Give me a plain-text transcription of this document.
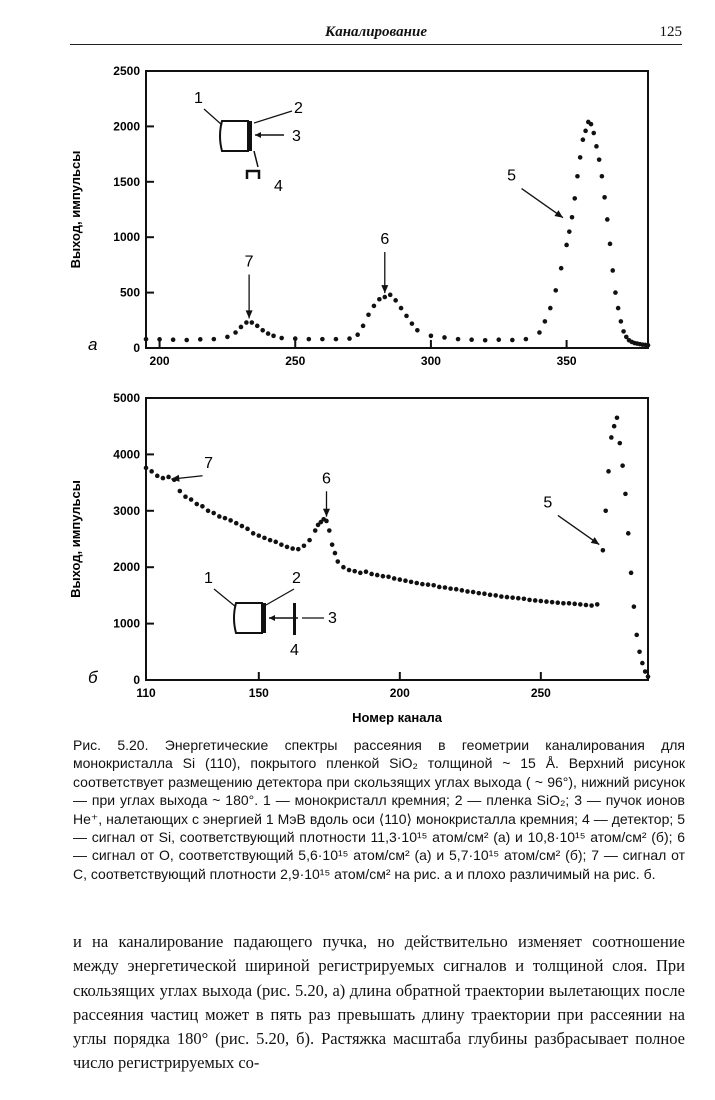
Каналирование	125
0
500
1000
1500
2000
2500
200	250	300	350
Выход, импульсы
а
7
6
5
1
2
3
4
0
1000
2000
3000
4000
5000
110	150	200	250
Выход, импульсы
б
Номер канала
7
6
5
1	2
3
4

Рис. 5.20. Энергетические спектры рассеяния в геометрии каналирования для монокристалла Si (110), покрытого пленкой SiO₂ толщиной ~ 15 Å. Верхний рисунок соответствует размещению детектора при скользящих углах выхода ( ~ 96°), нижний рисунок — при углах выхода ~ 180°. 1 — монокристалл кремния; 2 — пленка SiO₂; 3 — пучок ионов He⁺, налетающих с энергией 1 МэВ вдоль оси ⟨110⟩ монокристалла кремния; 4 — детектор; 5 — сигнал от Si, соответствующий плотности 11,3·10¹⁵ атом/см² (а) и 10,8·10¹⁵ атом/см² (б); 6 — сигнал от O, соответствующий 5,6·10¹⁵ атом/см² (а) и 5,7·10¹⁵ атом/см² (б); 7 — сигнал от C, соответствующий плотности 2,9·10¹⁵ атом/см² на рис. а и плохо различимый на рис. б.

и на каналирование падающего пучка, но действительно изменяет соотношение между энергетической шириной регистрируемых сигналов и толщиной слоя. При скользящих углах выхода (рис. 5.20, а) длина обратной траектории вылетающих после рассеяния частиц может в пять раз превышать длину траектории при рассеянии на углы порядка 180° (рис. 5.20, б). Растяжка масштаба глубины разбрасывает полное число регистрируемых со-
